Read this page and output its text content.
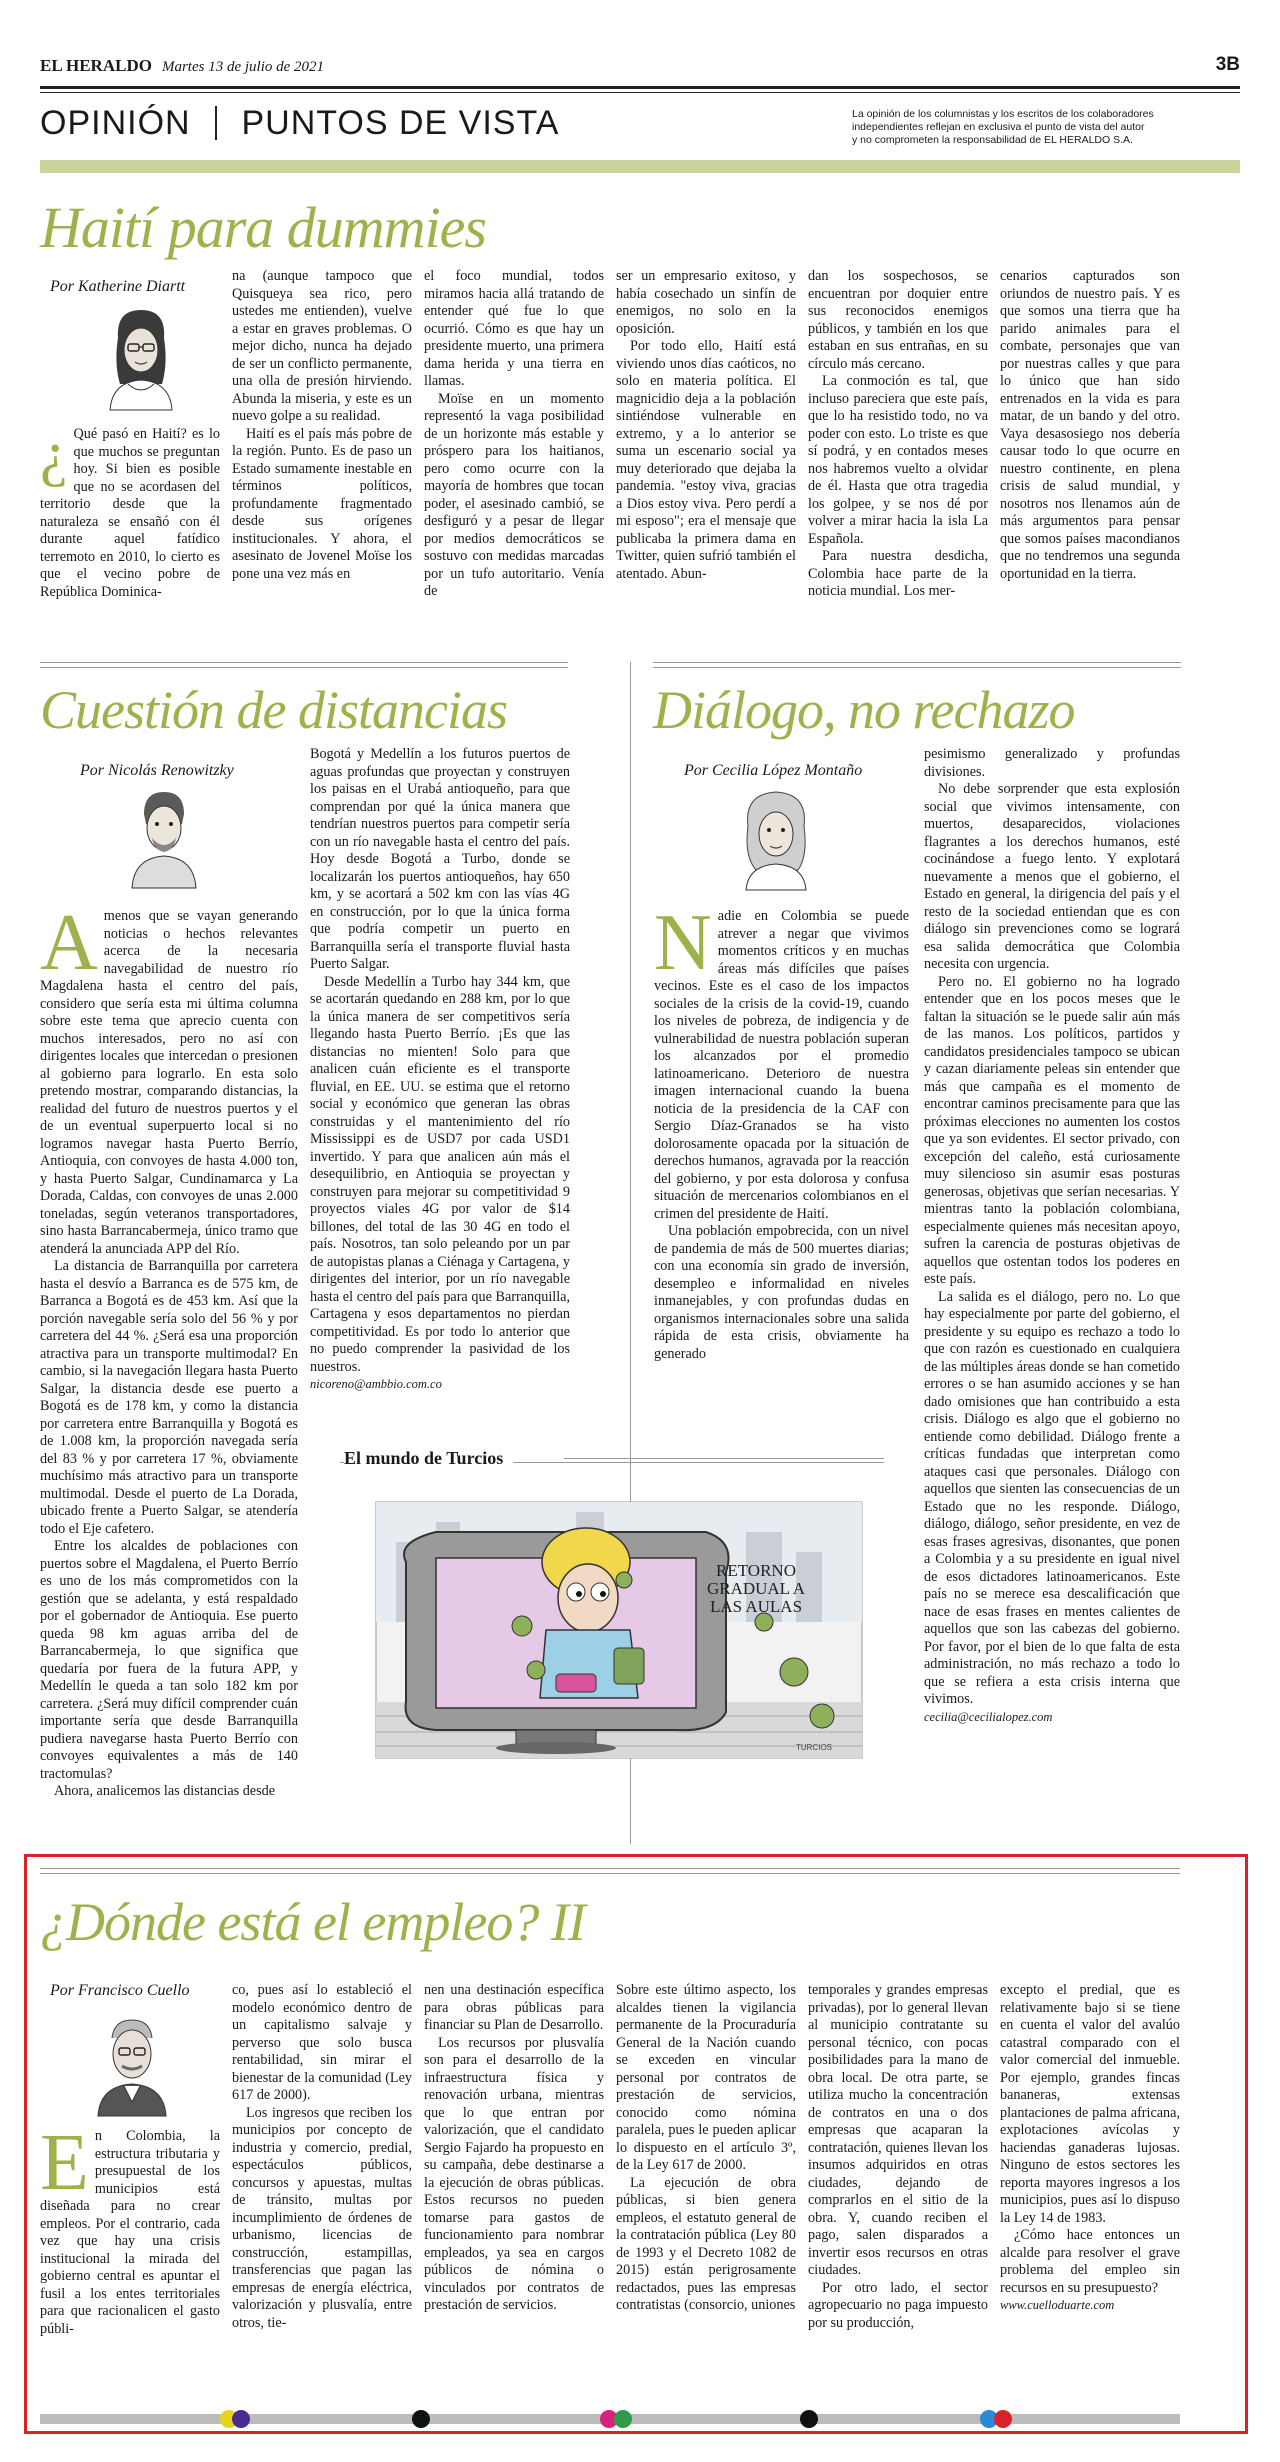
EL HERALDO Martes 13 de julio de 2021	3B
OPINIÓN PUNTOS DE VISTA	La opinión de los columnistas y los escritos de los colaboradores
independientes reflejan en exclusiva el punto de vista del autor
y no comprometen la responsabilidad de EL HERALDO S.A.
Haití para dummies
Por Katherine Diartt
¿ Qué pasó en Haití? es lo que muchos se preguntan hoy. Si bien es posible que no se acordasen del territorio desde que la naturaleza se ensañó con él durante aquel fatídico terremoto en 2010, lo cierto es que el vecino pobre de República Dominica-

na (aunque tampoco que Quisqueya sea rico, pero ustedes me entienden), vuelve a estar en graves problemas. O mejor dicho, nunca ha dejado de ser un conflicto permanente, una olla de presión hirviendo. Abunda la miseria, y este es un nuevo golpe a su realidad.

Haití es el país más pobre de la región. Punto. Es de paso un Estado sumamente inestable en términos políticos, profundamente fragmentado desde sus orígenes institucionales. Y ahora, el asesinato de Jovenel Moïse los pone una vez más en

el foco mundial, todos miramos hacia allá tratando de entender qué fue lo que ocurrió. Cómo es que hay un presidente muerto, una primera dama herida y una tierra en llamas.

Moïse en un momento representó la vaga posibilidad de un horizonte más estable y próspero para los haitianos, pero como ocurre con la mayoría de hombres que tocan poder, el asesinado cambió, se desfiguró y a pesar de llegar por medios democráticos se sostuvo con medidas marcadas por un tufo autoritario. Venía de

ser un empresario exitoso, y había cosechado un sinfín de enemigos, no solo en la oposición.

Por todo ello, Haití está viviendo unos días caóticos, no solo en materia política. El magnicidio deja a la población sintiéndose vulnerable en extremo, y a lo anterior se suma un escenario social ya muy deteriorado que dejaba la pandemia. "estoy viva, gracias a Dios estoy viva. Pero perdí a mi esposo"; era el mensaje que publicaba la primera dama en Twitter, quien sufrió también el atentado. Abun-

dan los sospechosos, se encuentran por doquier entre sus reconocidos enemigos públicos, y también en los que estaban en sus entrañas, en su círculo más cercano.

La conmoción es tal, que incluso pareciera que este país, que lo ha resistido todo, no va poder con esto. Lo triste es que sí podrá, y en contados meses nos habremos vuelto a olvidar de él. Hasta que otra tragedia los golpee, y se nos dé por volver a mirar hacia la isla La Española.

Para nuestra desdicha, Colombia hace parte de la noticia mundial. Los mer-

cenarios capturados son oriundos de nuestro país. Y es que somos una tierra que ha parido animales para el combate, personajes que van por nuestras calles y que para lo único que han sido entrenados en la vida es para matar, de un bando y del otro. Vaya desasosiego nos debería causar todo lo que ocurre en nuestro continente, en plena crisis de salud mundial, y nosotros nos llenamos aún de más argumentos para pensar que somos países macondianos que no tendremos una segunda oportunidad en la tierra.

Cuestión de distancias
Por Nicolás Renowitzky
A menos que se vayan generando noticias o hechos relevantes acerca de la necesaria navegabilidad de nuestro río Magdalena hasta el centro del país, considero que sería esta mi última columna sobre este tema que aprecio cuenta con muchos interesados, pero no así con dirigentes locales que intercedan o presionen al gobierno para lograrlo. En esta solo pretendo mostrar, comparando distancias, la realidad del futuro de nuestros puertos y el de un eventual superpuerto local si no logramos navegar hasta Puerto Berrío, Antioquia, con convoyes de hasta 4.000 ton, y hasta Puerto Salgar, Cundinamarca y La Dorada, Caldas, con convoyes de unas 2.000 toneladas, según veteranos transportadores, sino hasta Barrancabermeja, único tramo que atenderá la anunciada APP del Río.

La distancia de Barranquilla por carretera hasta el desvío a Barranca es de 575 km, de Barranca a Bogotá es de 453 km. Así que la porción navegable sería solo del 56 % y por carretera del 44 %. ¿Será esa una proporción atractiva para un transporte multimodal? En cambio, si la navegación llegara hasta Puerto Salgar, la distancia desde ese puerto a Bogotá es de 178 km, y como la distancia por carretera entre Barranquilla y Bogotá es de 1.008 km, la proporción navegada sería del 83 % y por carretera 17 %, obviamente muchísimo más atractivo para un transporte multimodal. Desde el puerto de La Dorada, ubicado frente a Puerto Salgar, se atendería todo el Eje cafetero.

Entre los alcaldes de poblaciones con puertos sobre el Magdalena, el Puerto Berrío es uno de los más comprometidos con la gestión que se adelanta, y está respaldado por el gobernador de Antioquia. Ese puerto queda 98 km aguas arriba del de Barrancabermeja, lo que significa que quedaría por fuera de la futura APP, y Medellín le queda a tan solo 182 km por carretera. ¿Será muy difícil comprender cuán importante sería que desde Barranquilla pudiera navegarse hasta Puerto Berrío con convoyes equivalentes a más de 140 tractomulas?

Ahora, analicemos las distancias desde

Bogotá y Medellín a los futuros puertos de aguas profundas que proyectan y construyen los paisas en el Urabá antioqueño, para que comprendan por qué la única manera que tendrían nuestros puertos para competir sería con un río navegable hasta el centro del país. Hoy desde Bogotá a Turbo, donde se localizarán los puertos antioqueños, hay 650 km, y se acortará a 502 km con las vías 4G en construcción, por lo que la única forma que podría competir un puerto en Barranquilla sería el transporte fluvial hasta Puerto Salgar.

Desde Medellín a Turbo hay 344 km, que se acortarán quedando en 288 km, por lo que la única manera de ser competitivos sería llegando hasta Puerto Berrío. ¡Es que las distancias no mienten! Solo para que analicen cuán eficiente es el transporte fluvial, en EE. UU. se estima que el retorno social y económico que generan las obras construidas y el mantenimiento del río Mississippi es de USD7 por cada USD1 invertido. Y para que analicen aún más el desequilibrio, en Antioquia se proyectan y construyen para mejorar su competitividad 9 proyectos viales 4G por valor de $14 billones, del total de las 30 4G en todo el país. Nosotros, tan solo peleando por un par de autopistas planas a Ciénaga y Cartagena, y dirigentes del interior, por un río navegable hasta el centro del país para que Barranquilla, Cartagena y esos departamentos no pierdan competitividad. Es por todo lo anterior que no puedo comprender la pasividad de los nuestros.

nicoreno@ambbio.com.co

El mundo de Turcios
RETORNO
GRADUAL A
LAS AULAS
TURCIOS
Diálogo, no rechazo
Por Cecilia López Montaño
N adie en Colombia se puede atrever a negar que vivimos momentos críticos y en muchas áreas más difíciles que países vecinos. Este es el caso de los impactos sociales de la crisis de la covid-19, cuando los niveles de pobreza, de indigencia y de vulnerabilidad de nuestra población superan los alcanzados por el promedio latinoamericano. Deterioro de nuestra imagen internacional cuando la buena noticia de la presidencia de la CAF con Sergio Díaz-Granados se ha visto dolorosamente opacada por la situación de derechos humanos, agravada por la reacción del gobierno, y por esta dolorosa y confusa situación de mercenarios colombianos en el crimen del presidente de Haití.

Una población empobrecida, con un nivel de pandemia de más de 500 muertes diarias; con una economía sin grado de inversión, desempleo e informalidad en niveles inmanejables, y con profundas dudas en organismos internacionales sobre una salida rápida de esta crisis, obviamente ha generado

pesimismo generalizado y profundas divisiones.

No debe sorprender que esta explosión social que vivimos intensamente, con muertos, desaparecidos, violaciones flagrantes a los derechos humanos, esté cocinándose a fuego lento. Y explotará nuevamente a menos que el gobierno, el Estado en general, la dirigencia del país y el resto de la sociedad entiendan que es con diálogo sin prevenciones como se logrará esa salida democrática que Colombia necesita con urgencia.

Pero no. El gobierno no ha logrado entender que en los pocos meses que le faltan la situación se le puede salir aún más de las manos. Los políticos, partidos y candidatos presidenciales tampoco se ubican y cazan diariamente peleas sin entender que más que campaña es el momento de encontrar caminos precisamente para que las próximas elecciones no aumenten los costos que ya son evidentes. El sector privado, con excepción del caleño, está curiosamente muy silencioso sin asumir esas posturas generosas, objetivas que serían necesarias. Y mientras tanto la población colombiana, especialmente quienes más necesitan apoyo, sufren la carencia de posturas objetivas de aquellos que ostentan todos los poderes en este país.

La salida es el diálogo, pero no. Lo que hay especialmente por parte del gobierno, el presidente y su equipo es rechazo a todo lo que con razón es cuestionado en cualquiera de las múltiples áreas donde se han cometido errores o se han asumido acciones y se han dado omisiones que han contribuido a esta crisis. Diálogo es algo que el gobierno no entiende como debilidad. Diálogo frente a críticas fundadas que interpretan como ataques casi que personales. Diálogo con aquellos que sienten las consecuencias de un Estado que no les responde. Diálogo, diálogo, diálogo, señor presidente, en vez de esas frases agresivas, disonantes, que ponen a Colombia y a su presidente en igual nivel de esos dictadores latinoamericanos. Este país no se merece esa descalificación que nace de esas frases en mentes calientes de aquellos que son las cabezas del gobierno. Por favor, por el bien de lo que falta de esta administración, no más rechazo a todo lo que se refiera a esta crisis interna que vivimos.

cecilia@cecilialopez.com

¿Dónde está el empleo? II
Por Francisco Cuello
E n Colombia, la estructura tributaria y presupuestal de los municipios está diseñada para no crear empleos. Por el contrario, cada vez que hay una crisis institucional la mirada del gobierno central es apuntar el fusil a los entes territoriales para que racionalicen el gasto públi-

co, pues así lo estableció el modelo económico dentro de un capitalismo salvaje y perverso que solo busca rentabilidad, sin mirar el bienestar de la comunidad (Ley 617 de 2000).

Los ingresos que reciben los municipios por concepto de industria y comercio, predial, espectáculos públicos, concursos y apuestas, multas de tránsito, multas por incumplimiento de órdenes de urbanismo, licencias de construcción, estampillas, transferencias que pagan las empresas de energía eléctrica, valorización y plusvalía, entre otros, tie-

nen una destinación específica para obras públicas para financiar su Plan de Desarrollo.

Los recursos por plusvalía son para el desarrollo de la infraestructura física y renovación urbana, mientras que lo que entran por valorización, que el candidato Sergio Fajardo ha propuesto en su campaña, debe destinarse a la ejecución de obras públicas. Estos recursos no pueden tomarse para gastos de funcionamiento para nombrar empleados, ya sea en cargos públicos de nómina o vinculados por contratos de prestación de servicios.

Sobre este último aspecto, los alcaldes tienen la vigilancia permanente de la Procuraduría General de la Nación cuando se exceden en vincular personal por contratos de prestación de servicios, conocido como nómina paralela, pues le pueden aplicar lo dispuesto en el artículo 3º, de la Ley 617 de 2000.

La ejecución de obra públicas, si bien genera empleos, el estatuto general de la contratación pública (Ley 80 de 1993 y el Decreto 1082 de 2015) están perigrosamente redactados, pues las empresas contratistas (consorcio, uniones

temporales y grandes empresas privadas), por lo general llevan al municipio contratante su personal técnico, con pocas posibilidades para la mano de obra local. De otra parte, se utiliza mucho la concentración de contratos en una o dos empresas que acaparan la contratación, quienes llevan los insumos adquiridos en otras ciudades, dejando de comprarlos en el sitio de la obra. Y, cuando reciben el pago, salen disparados a invertir esos recursos en otras ciudades.

Por otro lado, el sector agropecuario no paga impuesto por su producción,

excepto el predial, que es relativamente bajo si se tiene en cuenta el valor del avalúo catastral comparado con el valor comercial del inmueble. Por ejemplo, grandes fincas bananeras, extensas plantaciones de palma africana, explotaciones avícolas y haciendas ganaderas lujosas. Ninguno de estos sectores les reporta mayores ingresos a los municipios, pues así lo dispuso la Ley 14 de 1983.

¿Cómo hace entonces un alcalde para resolver el grave problema del empleo sin recursos en su presupuesto?

www.cuelloduarte.com
